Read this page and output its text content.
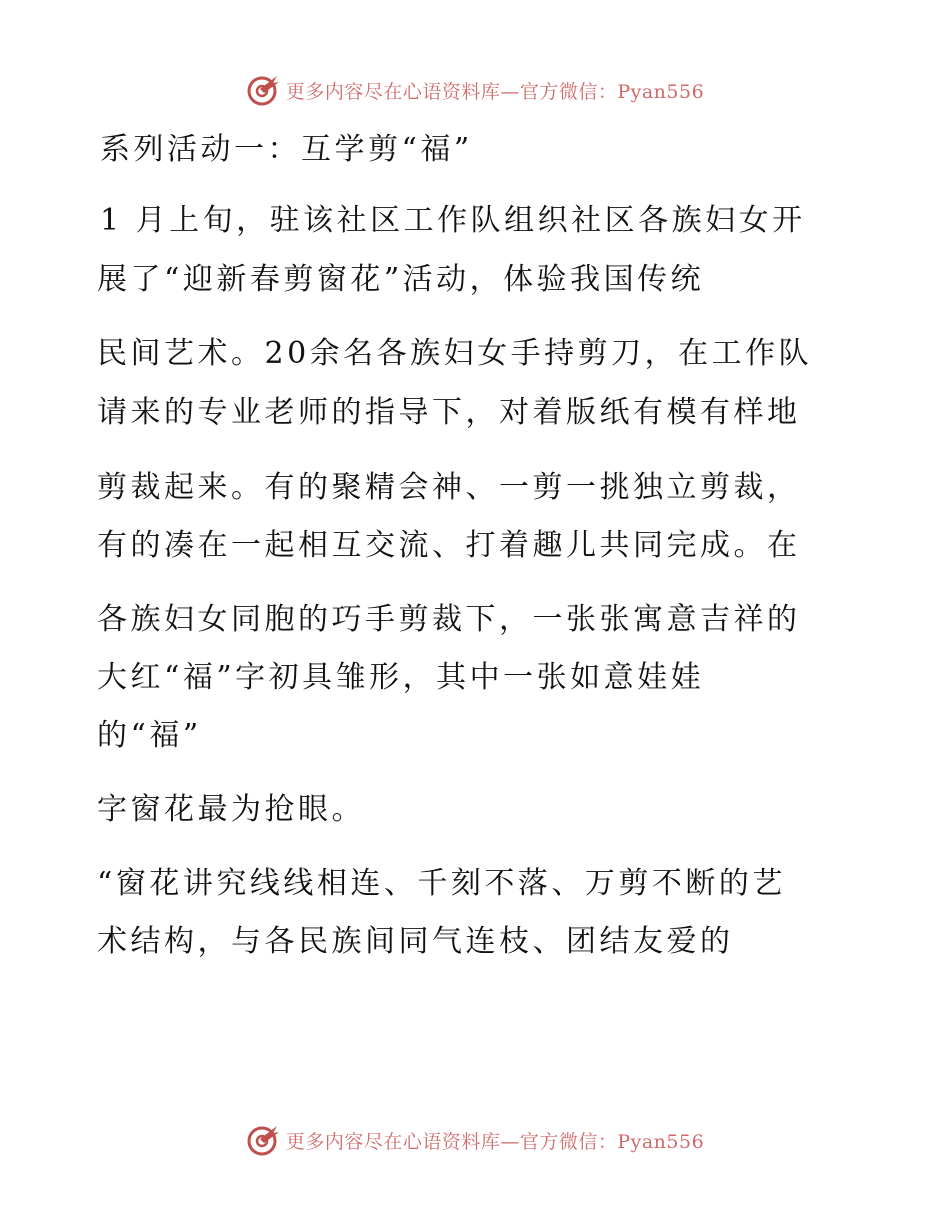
更多内容尽在心语资料库—官方微信：Pyan556
系列活动一：互学剪“福”
1 月上旬，驻该社区工作队组织社区各族妇女开
展了“迎新春剪窗花”活动，体验我国传统
民间艺术。20余名各族妇女手持剪刀，在工作队
请来的专业老师的指导下，对着版纸有模有样地
剪裁起来。有的聚精会神、一剪一挑独立剪裁，
有的凑在一起相互交流、打着趣儿共同完成。在
各族妇女同胞的巧手剪裁下，一张张寓意吉祥的
大红“福”字初具雏形，其中一张如意娃娃
的“福”
字窗花最为抢眼。
“窗花讲究线线相连、千刻不落、万剪不断的艺
术结构，与各民族间同气连枝、团结友爱的
更多内容尽在心语资料库—官方微信：Pyan556
